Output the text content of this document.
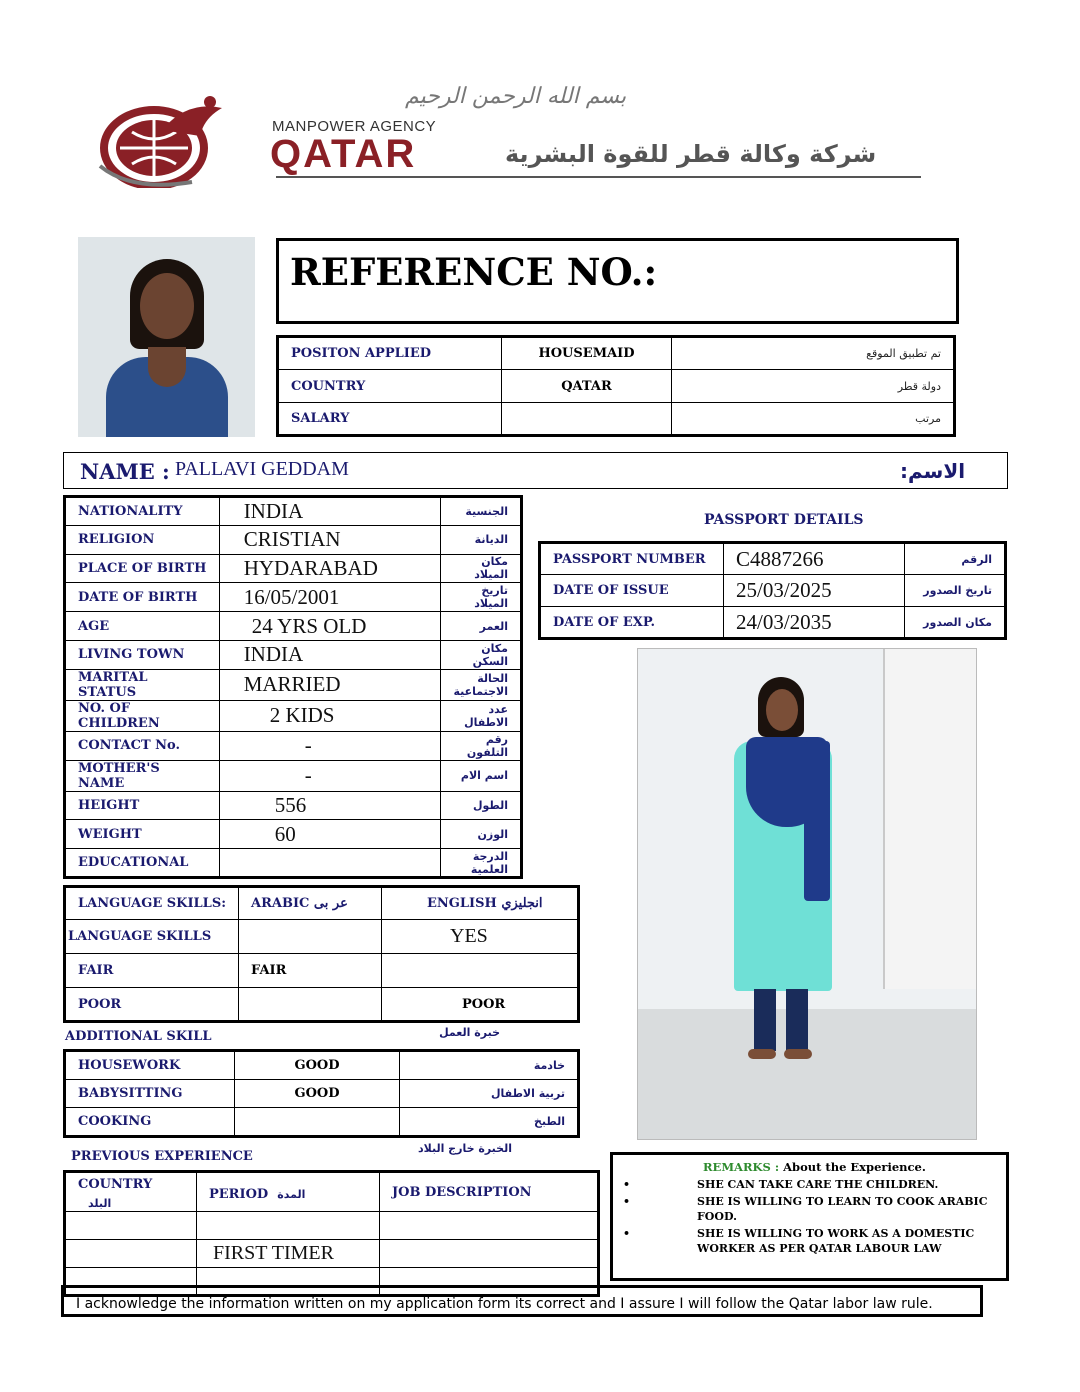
بسم الله الرحمن الرحيم
MANPOWER AGENCY
QATAR	شركة وكالة قطر للقوة البشرية
REFERENCE NO.:
POSITON APPLIED	HOUSEMAID	تم تطبيق الموقع
COUNTRY	QATAR	دولة قطر
SALARY		مرتب
NAME : PALLAVI GEDDAM	الاسم:
NATIONALITY	INDIA	الجنسية
RELIGION	CRISTIAN	الديانة
PLACE OF BIRTH	HYDARABAD	مكان الميلاد
DATE OF BIRTH	16/05/2001	تاريخ الميلاد
AGE	24 YRS OLD	العمر
LIVING TOWN	INDIA	مكان السكن
MARITAL STATUS	MARRIED	الحالة الاجتماعية
NO. OF CHILDREN	2 KIDS	عدد الاطفال
CONTACT No.	-	رقم التلفون
MOTHER'S NAME	-	اسم الام
HEIGHT	556	الطول
WEIGHT	60	الوزن
EDUCATIONAL		الدرجة العلمية
PASSPORT DETAILS
PASSPORT NUMBER	C4887266	الرقم
DATE OF ISSUE	25/03/2025	تاريخ الصدور
DATE OF EXP.	24/03/2035	مكان الصدور
LANGUAGE SKILLS:	ARABIC عر بى	ENGLISH انجليزي
LANGUAGE SKILLS		YES
FAIR	FAIR	
POOR		POOR
ADDITIONAL SKILL	خبرة العمل
HOUSEWORK	GOOD	خادمة
BABYSITTING	GOOD	تربية الاطفال
COOKING		الطبخ
PREVIOUS EXPERIENCE
الخبرة خارج البلاد
COUNTRY البلد	PERIOD المدة	JOB DESCRIPTION

	FIRST TIMER	

REMARKS : About the Experience.
•	SHE CAN TAKE CARE THE CHILDREN.
•	SHE IS WILLING TO LEARN TO COOK ARABIC FOOD.
•	SHE IS WILLING TO WORK AS A DOMESTIC WORKER AS PER QATAR LABOUR LAW
I acknowledge the information written on my application form its correct and I assure I will follow the Qatar labor law rule.
